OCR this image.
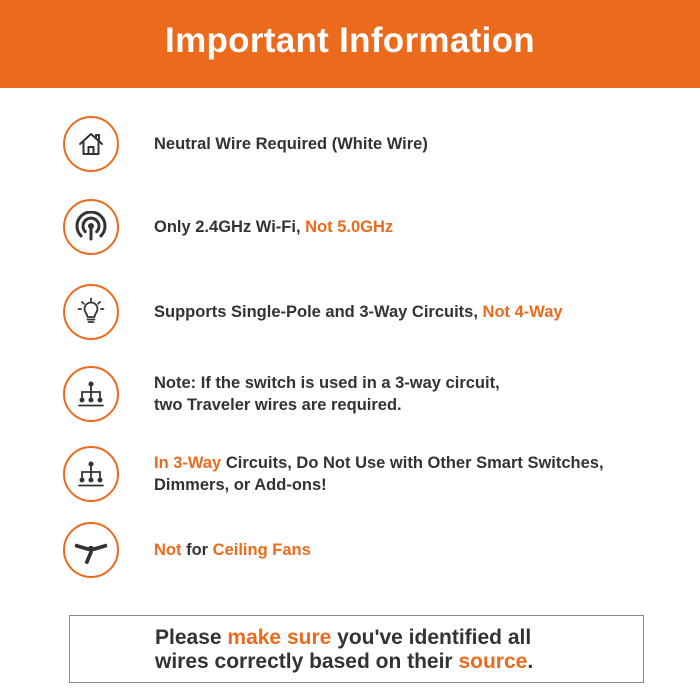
Important Information
Neutral Wire Required (White Wire)
Only 2.4GHz Wi-Fi, Not 5.0GHz
Supports Single-Pole and 3-Way Circuits, Not 4-Way
Note: If the switch is used in a 3-way circuit,
two Traveler wires are required.
In 3-Way Circuits, Do Not Use with Other Smart Switches,
Dimmers, or Add-ons!
Not for Ceiling Fans
Please make sure you've identified all
wires correctly based on their source.
